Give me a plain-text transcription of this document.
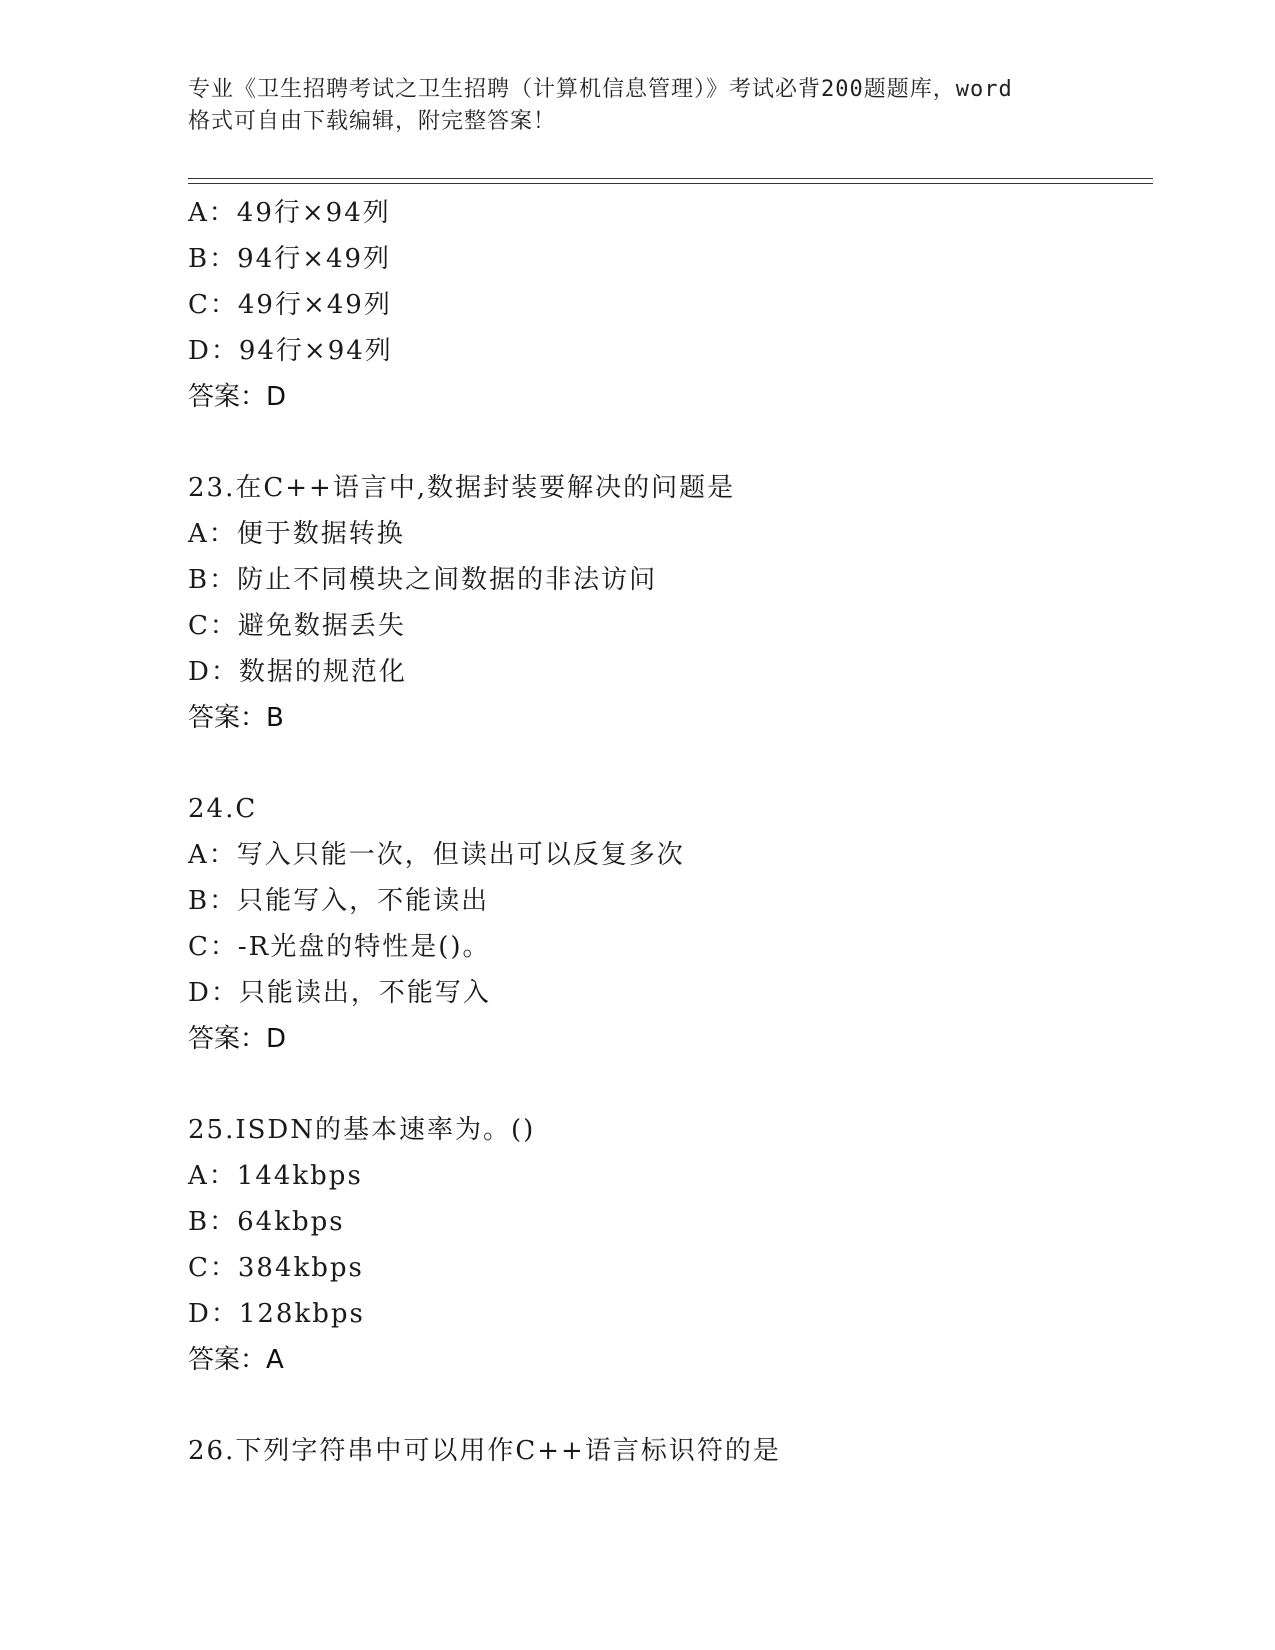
专业《卫生招聘考试之卫生招聘（计算机信息管理）》考试必背200题题库，word
格式可自由下载编辑，附完整答案！
A：49行×94列
B：94行×49列
C：49行×49列
D：94行×94列
答案：D
23.在C++语言中,数据封装要解决的问题是
A：便于数据转换
B：防止不同模块之间数据的非法访问
C：避免数据丢失
D：数据的规范化
答案：B
24.C
A：写入只能一次，但读出可以反复多次
B：只能写入，不能读出
C：-R光盘的特性是()。
D：只能读出，不能写入
答案：D
25.ISDN的基本速率为。()
A：144kbps
B：64kbps
C：384kbps
D：128kbps
答案：A
26.下列字符串中可以用作C++语言标识符的是
